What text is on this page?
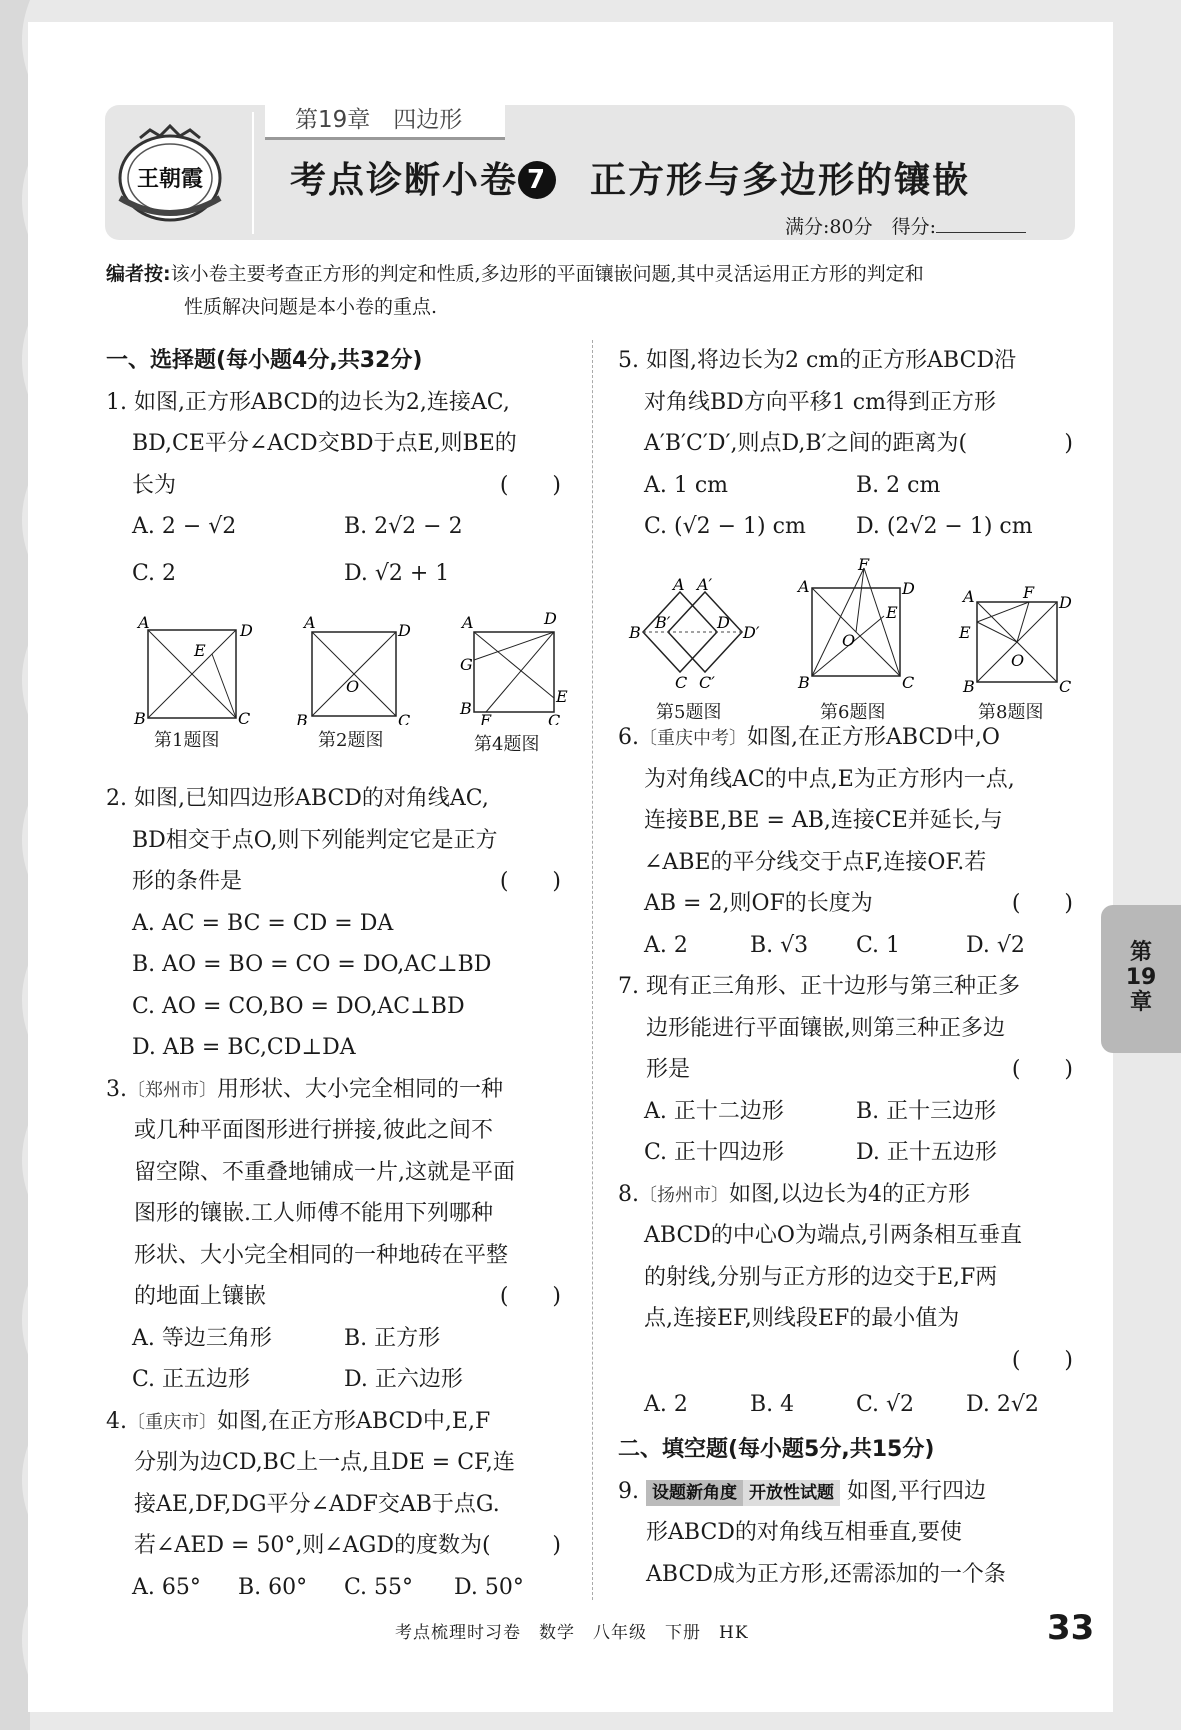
王朝霞
第19章　四边形
考点诊断小卷 7 正方形与多边形的镶嵌
满分:80分　得分:
编者按:该小卷主要考查正方形的判定和性质,多边形的平面镶嵌问题,其中灵活运用正方形的判定和
性质解决问题是本小卷的重点.

一、选择题(每小题4分,共32分)

1. 如图,正方形ABCD的边长为2,连接AC,

BD,CE平分∠ACD交BD于点E,则BE的

长为	(　　)

A. 2 − √2	B. 2√2 − 2

C. 2	D. √2 + 1

2. 如图,已知四边形ABCD的对角线AC,

BD相交于点O,则下列能判定它是正方

形的条件是	(　　)

A. AC = BC = CD = DA

B. AO = BO = CO = DO,AC⊥BD

C. AO = CO,BO = DO,AC⊥BD

D. AB = BC,CD⊥DA

3.〔郑州市〕用形状、大小完全相同的一种

或几种平面图形进行拼接,彼此之间不

留空隙、不重叠地铺成一片,这就是平面

图形的镶嵌.工人师傅不能用下列哪种

形状、大小完全相同的一种地砖在平整

的地面上镶嵌	(　　)

A. 等边三角形	B. 正方形

C. 正五边形	D. 正六边形

4.〔重庆市〕如图,在正方形ABCD中,E,F

分别为边CD,BC上一点,且DE = CF,连

接AE,DF,DG平分∠ADF交AB于点G.

若∠AED = 50°,则∠AGD的度数为(	)

A. 65° B. 60° C. 55° D. 50°

5. 如图,将边长为2 cm的正方形ABCD沿

对角线BD方向平移1 cm得到正方形

A′B′C′D′,则点D,B′之间的距离为(	)

A. 1 cm	B. 2 cm

C. (√2 − 1) cm D. (2√2 − 1) cm

6.〔重庆中考〕如图,在正方形ABCD中,O

为对角线AC的中点,E为正方形内一点,

连接BE,BE = AB,连接CE并延长,与

∠ABE的平分线交于点F,连接OF.若

AB = 2,则OF的长度为	(　　)

A. 2	B. √3 C. 1	D. √2

7. 现有正三角形、正十边形与第三种正多

边形能进行平面镶嵌,则第三种正多边

形是	(　　)

A. 正十二边形	B. 正十三边形

C. 正十四边形	D. 正十五边形

8.〔扬州市〕如图,以边长为4的正方形

ABCD的中心O为端点,引两条相互垂直

的射线,分别与正方形的边交于E,F两

点,连接EF,则线段EF的最小值为

(　　)

A. 2	B. 4	C. √2 D. 2√2

二、填空题(每小题5分,共15分)

9. 设题新角度 开放性试题 如图,平行四边

形ABCD的对角线互相垂直,要使

ABCD成为正方形,还需添加的一个条

A	D
B	C
E
第1题图
A	D
B	C
O
第2题图
A	D
G
B
F
E
C
第4题图
A A′
B
B′	D
D′
C C′
第5题图
A	D
F
E
O
B	C
第6题图
A	D
F
E
O
B	C
第8题图
第
19
章
考点梳理时习卷　数学　八年级　下册　HK	33
